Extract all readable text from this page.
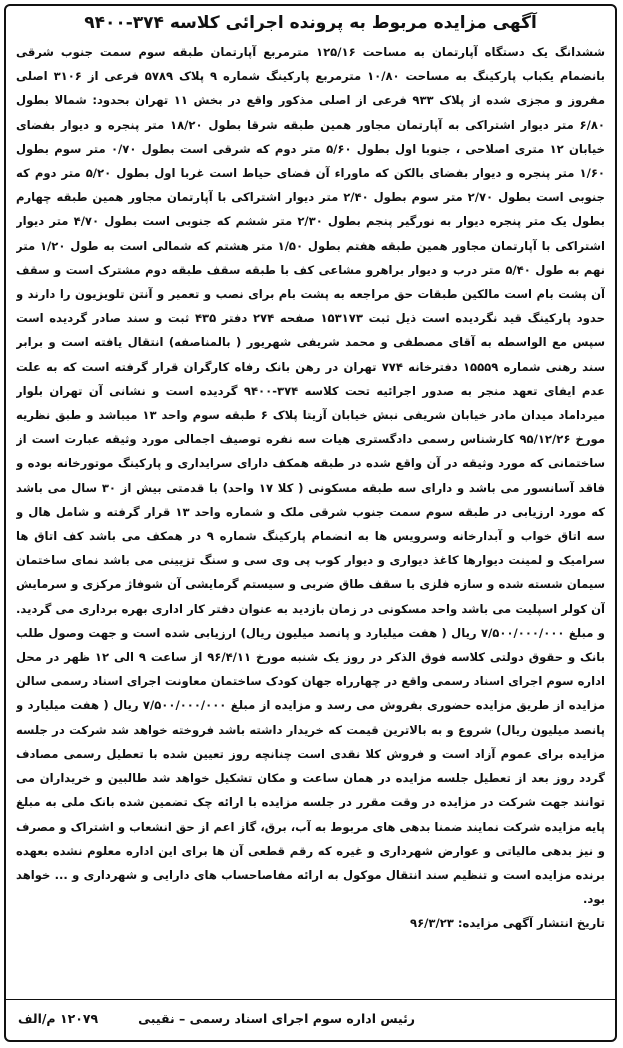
آگهی مزایده مربوط به پرونده اجرائی کلاسه ۳۷۴-۹۴۰۰
ششدانگ یک دستگاه آپارتمان به مساحت ۱۲۵/۱۶ مترمربع آپارتمان طبقه سوم سمت جنوب شرقی بانضمام یکباب پارکینگ به مساحت ۱۰/۸۰ مترمربع پارکینگ شماره ۹ پلاک ۵۷۸۹ فرعی از ۳۱۰۶ اصلی مفروز و مجزی شده از پلاک ۹۳۳ فرعی از اصلی مذکور واقع در بخش ۱۱ تهران بحدود: شمالا بطول ۶/۸۰ متر دیوار اشتراکی به آپارتمان مجاور همین طبقه شرقا بطول ۱۸/۲۰ متر پنجره و دیوار بفضای خیابان ۱۲ متری اصلاحی ، جنوبا اول بطول ۵/۶۰ متر دوم که شرقی است بطول ۰/۷۰ متر سوم بطول ۱/۶۰ متر پنجره و دیوار بفضای بالکن که ماوراء آن فضای حیاط است غربا اول بطول ۵/۲۰ متر دوم که جنوبی است بطول ۲/۷۰ متر سوم بطول ۲/۴۰ متر دیوار اشتراکی با آپارتمان مجاور همین طبقه چهارم بطول یک متر پنجره دیوار به نورگیر پنجم بطول ۲/۳۰ متر ششم که جنوبی است بطول ۴/۷۰ متر دیوار اشتراکی با آپارتمان مجاور همین طبقه هفتم بطول ۱/۵۰ متر هشتم که شمالی است به طول ۱/۲۰ متر نهم به طول ۵/۴۰ متر درب و دیوار براهرو مشاعی کف با طبقه سقف طبقه دوم مشترک است و سقف آن پشت بام است مالکین طبقات حق مراجعه به پشت بام برای نصب و تعمیر و آنتن تلویزیون را دارند و حدود پارکینگ قید نگردیده است ذیل ثبت ۱۵۳۱۷۳ صفحه ۲۷۴ دفتر ۴۳۵ ثبت و سند صادر گردیده است سپس مع الواسطه به آقای مصطفی و محمد شریفی شهریور ( بالمناصفه) انتقال یافته است و برابر سند رهنی شماره ۱۵۵۵۹ دفترخانه ۷۷۴ تهران در رهن بانک رفاه کارگران قرار گرفته است که به علت عدم ایفای تعهد منجر به صدور اجرائیه تحت کلاسه ۳۷۴-۹۴۰۰ گردیده است و نشانی آن تهران بلوار میرداماد میدان مادر خیابان شریفی نبش خیابان آزیتا پلاک ۶ طبقه سوم واحد ۱۳ میباشد و طبق نظریه مورخ ۹۵/۱۲/۲۶ کارشناس رسمی دادگستری هیات سه نفره توصیف اجمالی مورد وثیقه عبارت است از ساختمانی که مورد وثیقه در آن واقع شده در طبقه همکف دارای سرایداری و پارکینگ موتورخانه بوده و فاقد آسانسور می باشد و دارای سه طبقه مسکونی ( کلا ۱۷ واحد) با قدمتی بیش از ۳۰ سال می باشد که مورد ارزیابی در طبقه سوم سمت جنوب شرقی ملک و شماره واحد ۱۳ قرار گرفته و شامل هال و سه اتاق خواب و آبدارخانه وسرویس ها به انضمام پارکینگ شماره ۹ در همکف می باشد کف اتاق ها سرامیک و لمینت دیوارها کاغذ دیواری و دیوار کوب پی وی سی و سنگ تزیینی می باشد نمای ساختمان سیمان شسته شده و سازه فلزی با سقف طاق ضربی و سیستم گرمایشی آن شوفاژ مرکزی و سرمایش آن کولر اسپلیت می باشد واحد مسکونی در زمان بازدید به عنوان دفتر کار اداری بهره برداری می گردید. و مبلغ ۷/۵۰۰/۰۰۰/۰۰۰ ریال ( هفت میلیارد و پانصد میلیون ریال) ارزیابی شده است و جهت وصول طلب بانک و حقوق دولتی کلاسه فوق الذکر در روز یک شنبه مورخ ۹۶/۴/۱۱ از ساعت ۹ الی ۱۲ ظهر در محل اداره سوم اجرای اسناد رسمی واقع در چهارراه جهان کودک ساختمان معاونت اجرای اسناد رسمی سالن مزایده از طریق مزایده حضوری بفروش می رسد و مزایده از مبلغ ۷/۵۰۰/۰۰۰/۰۰۰ ریال ( هفت میلیارد و پانصد میلیون ریال) شروع و به بالاترین قیمت که خریدار داشته باشد فروخته خواهد شد شرکت در جلسه مزایده برای عموم آزاد است و فروش کلا نقدی است چنانچه روز تعیین شده با تعطیل رسمی مصادف گردد روز بعد از تعطیل جلسه مزایده در همان ساعت و مکان تشکیل خواهد شد طالبین و خریداران می توانند جهت شرکت در مزایده در وقت مقرر در جلسه مزایده با ارائه چک تضمین شده بانک ملی به مبلغ پایه مزایده شرکت نمایند ضمنا بدهی های مربوط به آب، برق، گاز اعم از حق انشعاب و اشتراک و مصرف و نیز بدهی مالیاتی و عوارض شهرداری و غیره که رقم قطعی آن ها برای این اداره معلوم نشده بعهده برنده مزایده است و تنظیم سند انتقال موکول به ارائه مفاصاحساب های دارایی و شهرداری و ... خواهد بود.
تاریخ انتشار آگهی مزایده: ۹۶/۳/۲۳
رئیس اداره سوم اجرای اسناد رسمی – نقیبی
۱۲۰۷۹ م/الف
